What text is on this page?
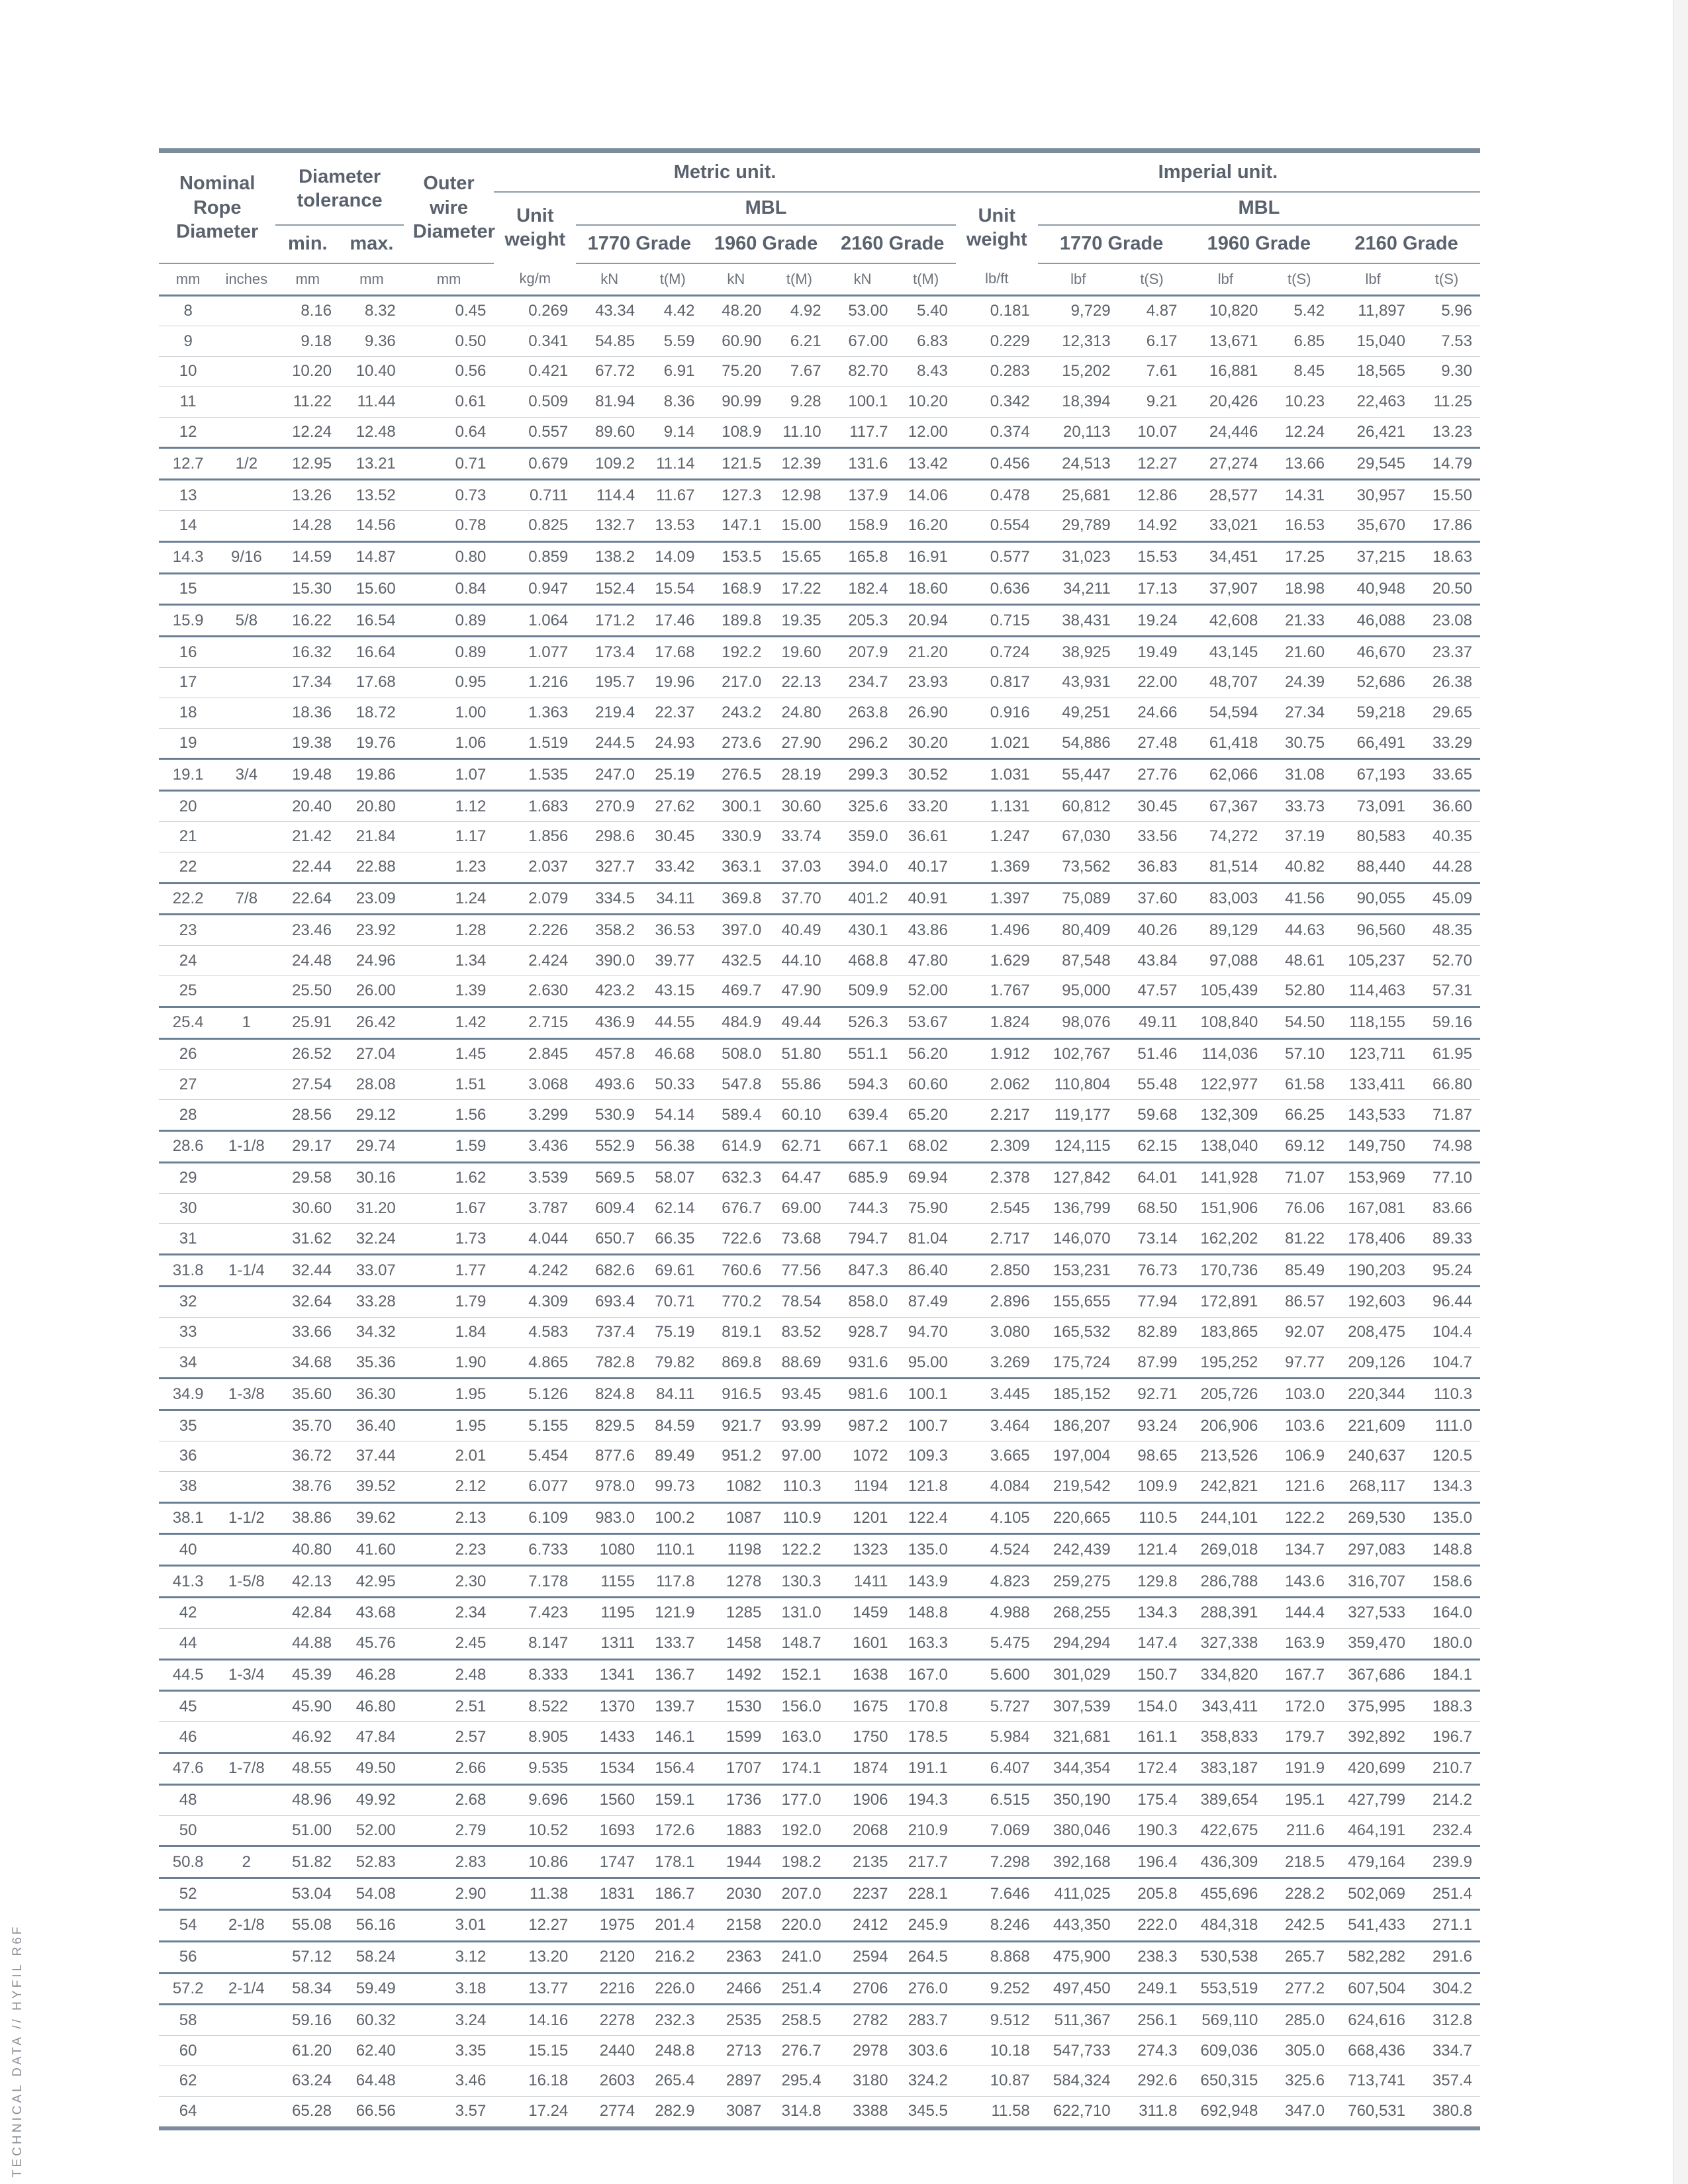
TECHNICAL DATA // HYFIL R6F
Nominal Rope Diameter		Diameter tolerance		Outer wire Diameter	Metric unit.							Imperial unit.						
					Unit weight	MBL						Unit weight	MBL					
		min.	max.			1770 Grade		1960 Grade		2160 Grade			1770 Grade		1960 Grade		2160 Grade	
mm	inches	mm	mm	mm	kg/m	kN	t(M)	kN	t(M)	kN	t(M)	lb/ft	lbf	t(S)	lbf	t(S)	lbf	t(S)
8		8.16	8.32	0.45	0.269	43.34	4.42	48.20	4.92	53.00	5.40	0.181	9,729	4.87	10,820	5.42	11,897	5.96
9		9.18	9.36	0.50	0.341	54.85	5.59	60.90	6.21	67.00	6.83	0.229	12,313	6.17	13,671	6.85	15,040	7.53
10		10.20	10.40	0.56	0.421	67.72	6.91	75.20	7.67	82.70	8.43	0.283	15,202	7.61	16,881	8.45	18,565	9.30
11		11.22	11.44	0.61	0.509	81.94	8.36	90.99	9.28	100.1	10.20	0.342	18,394	9.21	20,426	10.23	22,463	11.25
12		12.24	12.48	0.64	0.557	89.60	9.14	108.9	11.10	117.7	12.00	0.374	20,113	10.07	24,446	12.24	26,421	13.23
12.7	1/2	12.95	13.21	0.71	0.679	109.2	11.14	121.5	12.39	131.6	13.42	0.456	24,513	12.27	27,274	13.66	29,545	14.79
13		13.26	13.52	0.73	0.711	114.4	11.67	127.3	12.98	137.9	14.06	0.478	25,681	12.86	28,577	14.31	30,957	15.50
14		14.28	14.56	0.78	0.825	132.7	13.53	147.1	15.00	158.9	16.20	0.554	29,789	14.92	33,021	16.53	35,670	17.86
14.3	9/16	14.59	14.87	0.80	0.859	138.2	14.09	153.5	15.65	165.8	16.91	0.577	31,023	15.53	34,451	17.25	37,215	18.63
15		15.30	15.60	0.84	0.947	152.4	15.54	168.9	17.22	182.4	18.60	0.636	34,211	17.13	37,907	18.98	40,948	20.50
15.9	5/8	16.22	16.54	0.89	1.064	171.2	17.46	189.8	19.35	205.3	20.94	0.715	38,431	19.24	42,608	21.33	46,088	23.08
16		16.32	16.64	0.89	1.077	173.4	17.68	192.2	19.60	207.9	21.20	0.724	38,925	19.49	43,145	21.60	46,670	23.37
17		17.34	17.68	0.95	1.216	195.7	19.96	217.0	22.13	234.7	23.93	0.817	43,931	22.00	48,707	24.39	52,686	26.38
18		18.36	18.72	1.00	1.363	219.4	22.37	243.2	24.80	263.8	26.90	0.916	49,251	24.66	54,594	27.34	59,218	29.65
19		19.38	19.76	1.06	1.519	244.5	24.93	273.6	27.90	296.2	30.20	1.021	54,886	27.48	61,418	30.75	66,491	33.29
19.1	3/4	19.48	19.86	1.07	1.535	247.0	25.19	276.5	28.19	299.3	30.52	1.031	55,447	27.76	62,066	31.08	67,193	33.65
20		20.40	20.80	1.12	1.683	270.9	27.62	300.1	30.60	325.6	33.20	1.131	60,812	30.45	67,367	33.73	73,091	36.60
21		21.42	21.84	1.17	1.856	298.6	30.45	330.9	33.74	359.0	36.61	1.247	67,030	33.56	74,272	37.19	80,583	40.35
22		22.44	22.88	1.23	2.037	327.7	33.42	363.1	37.03	394.0	40.17	1.369	73,562	36.83	81,514	40.82	88,440	44.28
22.2	7/8	22.64	23.09	1.24	2.079	334.5	34.11	369.8	37.70	401.2	40.91	1.397	75,089	37.60	83,003	41.56	90,055	45.09
23		23.46	23.92	1.28	2.226	358.2	36.53	397.0	40.49	430.1	43.86	1.496	80,409	40.26	89,129	44.63	96,560	48.35
24		24.48	24.96	1.34	2.424	390.0	39.77	432.5	44.10	468.8	47.80	1.629	87,548	43.84	97,088	48.61	105,237	52.70
25		25.50	26.00	1.39	2.630	423.2	43.15	469.7	47.90	509.9	52.00	1.767	95,000	47.57	105,439	52.80	114,463	57.31
25.4	1	25.91	26.42	1.42	2.715	436.9	44.55	484.9	49.44	526.3	53.67	1.824	98,076	49.11	108,840	54.50	118,155	59.16
26		26.52	27.04	1.45	2.845	457.8	46.68	508.0	51.80	551.1	56.20	1.912	102,767	51.46	114,036	57.10	123,711	61.95
27		27.54	28.08	1.51	3.068	493.6	50.33	547.8	55.86	594.3	60.60	2.062	110,804	55.48	122,977	61.58	133,411	66.80
28		28.56	29.12	1.56	3.299	530.9	54.14	589.4	60.10	639.4	65.20	2.217	119,177	59.68	132,309	66.25	143,533	71.87
28.6	1-1/8	29.17	29.74	1.59	3.436	552.9	56.38	614.9	62.71	667.1	68.02	2.309	124,115	62.15	138,040	69.12	149,750	74.98
29		29.58	30.16	1.62	3.539	569.5	58.07	632.3	64.47	685.9	69.94	2.378	127,842	64.01	141,928	71.07	153,969	77.10
30		30.60	31.20	1.67	3.787	609.4	62.14	676.7	69.00	744.3	75.90	2.545	136,799	68.50	151,906	76.06	167,081	83.66
31		31.62	32.24	1.73	4.044	650.7	66.35	722.6	73.68	794.7	81.04	2.717	146,070	73.14	162,202	81.22	178,406	89.33
31.8	1-1/4	32.44	33.07	1.77	4.242	682.6	69.61	760.6	77.56	847.3	86.40	2.850	153,231	76.73	170,736	85.49	190,203	95.24
32		32.64	33.28	1.79	4.309	693.4	70.71	770.2	78.54	858.0	87.49	2.896	155,655	77.94	172,891	86.57	192,603	96.44
33		33.66	34.32	1.84	4.583	737.4	75.19	819.1	83.52	928.7	94.70	3.080	165,532	82.89	183,865	92.07	208,475	104.4
34		34.68	35.36	1.90	4.865	782.8	79.82	869.8	88.69	931.6	95.00	3.269	175,724	87.99	195,252	97.77	209,126	104.7
34.9	1-3/8	35.60	36.30	1.95	5.126	824.8	84.11	916.5	93.45	981.6	100.1	3.445	185,152	92.71	205,726	103.0	220,344	110.3
35		35.70	36.40	1.95	5.155	829.5	84.59	921.7	93.99	987.2	100.7	3.464	186,207	93.24	206,906	103.6	221,609	111.0
36		36.72	37.44	2.01	5.454	877.6	89.49	951.2	97.00	1072	109.3	3.665	197,004	98.65	213,526	106.9	240,637	120.5
38		38.76	39.52	2.12	6.077	978.0	99.73	1082	110.3	1194	121.8	4.084	219,542	109.9	242,821	121.6	268,117	134.3
38.1	1-1/2	38.86	39.62	2.13	6.109	983.0	100.2	1087	110.9	1201	122.4	4.105	220,665	110.5	244,101	122.2	269,530	135.0
40		40.80	41.60	2.23	6.733	1080	110.1	1198	122.2	1323	135.0	4.524	242,439	121.4	269,018	134.7	297,083	148.8
41.3	1-5/8	42.13	42.95	2.30	7.178	1155	117.8	1278	130.3	1411	143.9	4.823	259,275	129.8	286,788	143.6	316,707	158.6
42		42.84	43.68	2.34	7.423	1195	121.9	1285	131.0	1459	148.8	4.988	268,255	134.3	288,391	144.4	327,533	164.0
44		44.88	45.76	2.45	8.147	1311	133.7	1458	148.7	1601	163.3	5.475	294,294	147.4	327,338	163.9	359,470	180.0
44.5	1-3/4	45.39	46.28	2.48	8.333	1341	136.7	1492	152.1	1638	167.0	5.600	301,029	150.7	334,820	167.7	367,686	184.1
45		45.90	46.80	2.51	8.522	1370	139.7	1530	156.0	1675	170.8	5.727	307,539	154.0	343,411	172.0	375,995	188.3
46		46.92	47.84	2.57	8.905	1433	146.1	1599	163.0	1750	178.5	5.984	321,681	161.1	358,833	179.7	392,892	196.7
47.6	1-7/8	48.55	49.50	2.66	9.535	1534	156.4	1707	174.1	1874	191.1	6.407	344,354	172.4	383,187	191.9	420,699	210.7
48		48.96	49.92	2.68	9.696	1560	159.1	1736	177.0	1906	194.3	6.515	350,190	175.4	389,654	195.1	427,799	214.2
50		51.00	52.00	2.79	10.52	1693	172.6	1883	192.0	2068	210.9	7.069	380,046	190.3	422,675	211.6	464,191	232.4
50.8	2	51.82	52.83	2.83	10.86	1747	178.1	1944	198.2	2135	217.7	7.298	392,168	196.4	436,309	218.5	479,164	239.9
52		53.04	54.08	2.90	11.38	1831	186.7	2030	207.0	2237	228.1	7.646	411,025	205.8	455,696	228.2	502,069	251.4
54	2-1/8	55.08	56.16	3.01	12.27	1975	201.4	2158	220.0	2412	245.9	8.246	443,350	222.0	484,318	242.5	541,433	271.1
56		57.12	58.24	3.12	13.20	2120	216.2	2363	241.0	2594	264.5	8.868	475,900	238.3	530,538	265.7	582,282	291.6
57.2	2-1/4	58.34	59.49	3.18	13.77	2216	226.0	2466	251.4	2706	276.0	9.252	497,450	249.1	553,519	277.2	607,504	304.2
58		59.16	60.32	3.24	14.16	2278	232.3	2535	258.5	2782	283.7	9.512	511,367	256.1	569,110	285.0	624,616	312.8
60		61.20	62.40	3.35	15.15	2440	248.8	2713	276.7	2978	303.6	10.18	547,733	274.3	609,036	305.0	668,436	334.7
62		63.24	64.48	3.46	16.18	2603	265.4	2897	295.4	3180	324.2	10.87	584,324	292.6	650,315	325.6	713,741	357.4
64		65.28	66.56	3.57	17.24	2774	282.9	3087	314.8	3388	345.5	11.58	622,710	311.8	692,948	347.0	760,531	380.8
